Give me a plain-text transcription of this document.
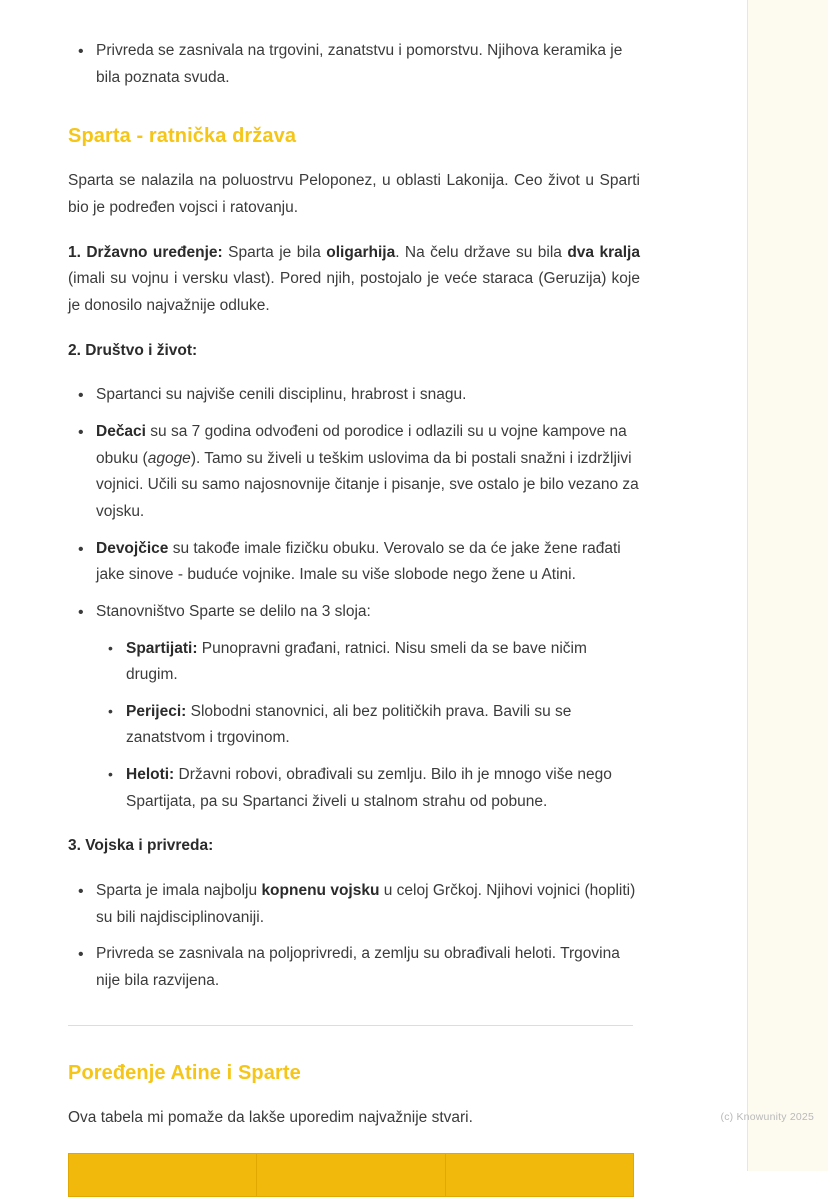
• Privreda se zasnivala na trgovini, zanatstvu i pomorstvu. Njihova keramika je bila poznata svuda.
Sparta - ratnička država

Sparta se nalazila na poluostrvu Peloponez, u oblasti Lakonija. Ceo život u Sparti bio je podređen vojsci i ratovanju.

1. Državno uređenje: Sparta je bila oligarhija. Na čelu države su bila dva kralja (imali su vojnu i versku vlast). Pored njih, postojalo je veće staraca (Geruzija) koje je donosilo najvažnije odluke.

2. Društvo i život:

• Spartanci su najviše cenili disciplinu, hrabrost i snagu.
• Dečaci su sa 7 godina odvođeni od porodice i odlazili su u vojne kampove na obuku (agoge). Tamo su živeli u teškim uslovima da bi postali snažni i izdržljivi vojnici. Učili su samo najosnovnije čitanje i pisanje, sve ostalo je bilo vezano za vojsku.
• Devojčice su takođe imale fizičku obuku. Verovalo se da će jake žene rađati jake sinove - buduće vojnike. Imale su više slobode nego žene u Atini.
• Stanovništvo Sparte se delilo na 3 sloja:
• Spartijati: Punopravni građani, ratnici. Nisu smeli da se bave ničim drugim.
• Perijeci: Slobodni stanovnici, ali bez političkih prava. Bavili su se zanatstvom i trgovinom.
• Heloti: Državni robovi, obrađivali su zemlju. Bilo ih je mnogo više nego Spartijata, pa su Spartanci živeli u stalnom strahu od pobune.

3. Vojska i privreda:

• Sparta je imala najbolju kopnenu vojsku u celoj Grčkoj. Njihovi vojnici (hopliti) su bili najdisciplinovaniji.
• Privreda se zasnivala na poljoprivredi, a zemlju su obrađivali heloti. Trgovina nije bila razvijena.
Poređenje Atine i Sparte

Ova tabela mi pomaže da lakše uporedim najvažnije stvari.

			(c) Knowunity 2025
